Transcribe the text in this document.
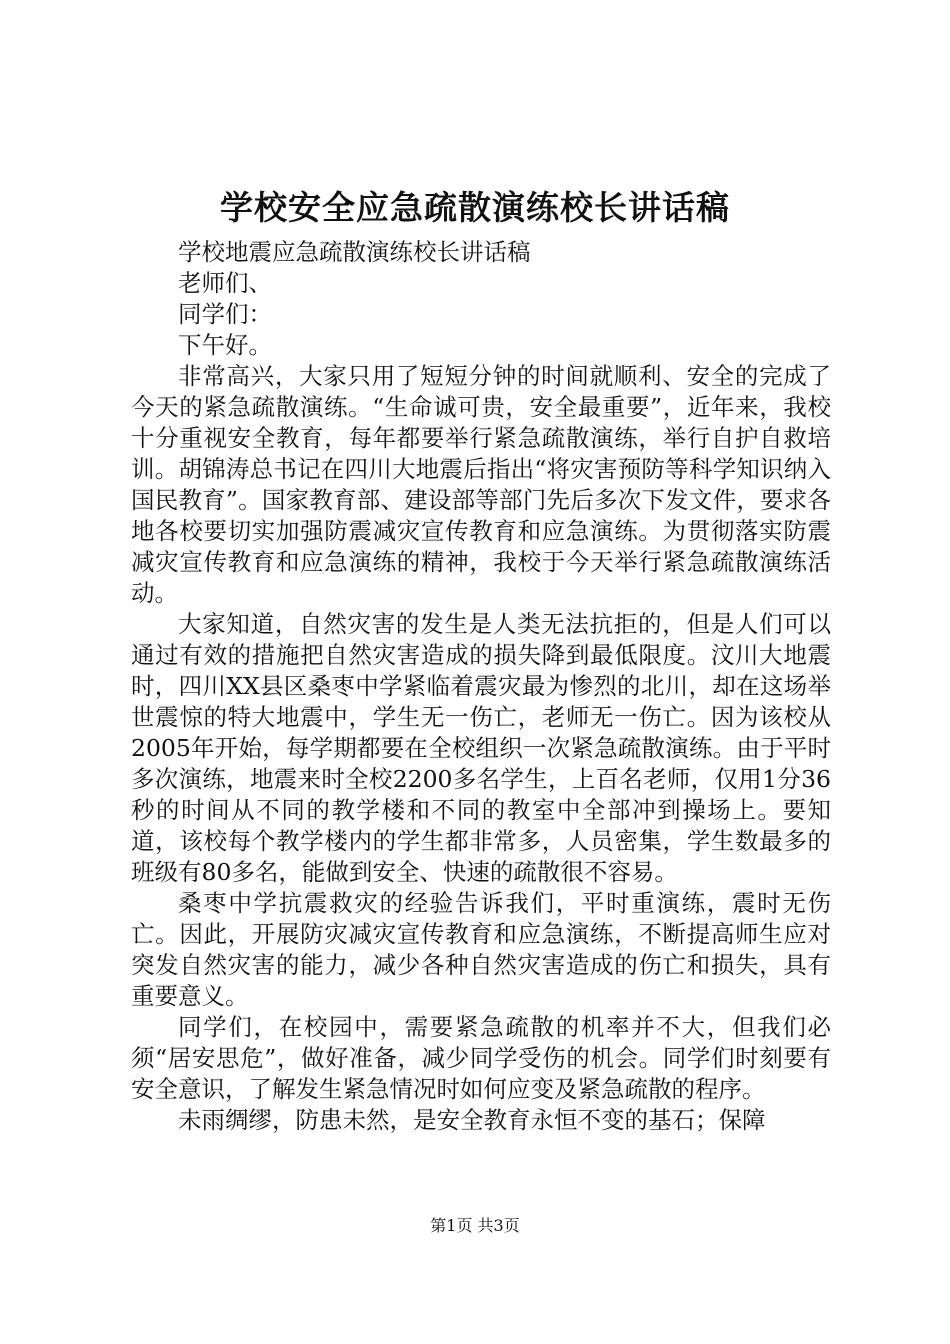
学校安全应急疏散演练校长讲话稿

学校地震应急疏散演练校长讲话稿

老师们、

同学们：

下午好。

非常高兴，大家只用了短短分钟的时间就顺利、安全的完成了今天的紧急疏散演练。“生命诚可贵，安全最重要”，近年来，我校十分重视安全教育，每年都要举行紧急疏散演练，举行自护自救培训。胡锦涛总书记在四川大地震后指出“将灾害预防等科学知识纳入国民教育”。国家教育部、建设部等部门先后多次下发文件，要求各地各校要切实加强防震减灾宣传教育和应急演练。为贯彻落实防震减灾宣传教育和应急演练的精神，我校于今天举行紧急疏散演练活动。

大家知道，自然灾害的发生是人类无法抗拒的，但是人们可以通过有效的措施把自然灾害造成的损失降到最低限度。汶川大地震时，四川XX县区桑枣中学紧临着震灾最为惨烈的北川，却在这场举世震惊的特大地震中，学生无一伤亡，老师无一伤亡。因为该校从2005年开始，每学期都要在全校组织一次紧急疏散演练。由于平时多次演练，地震来时全校2200多名学生，上百名老师，仅用1分36秒的时间从不同的教学楼和不同的教室中全部冲到操场上。要知道，该校每个教学楼内的学生都非常多，人员密集，学生数最多的班级有80多名，能做到安全、快速的疏散很不容易。

桑枣中学抗震救灾的经验告诉我们，平时重演练，震时无伤亡。因此，开展防灾减灾宣传教育和应急演练，不断提高师生应对突发自然灾害的能力，减少各种自然灾害造成的伤亡和损失，具有重要意义。

同学们，在校园中，需要紧急疏散的机率并不大，但我们必须“居安思危”，做好准备，减少同学受伤的机会。同学们时刻要有安全意识，了解发生紧急情况时如何应变及紧急疏散的程序。

未雨绸缪，防患未然，是安全教育永恒不变的基石；保障

第1页 共3页
